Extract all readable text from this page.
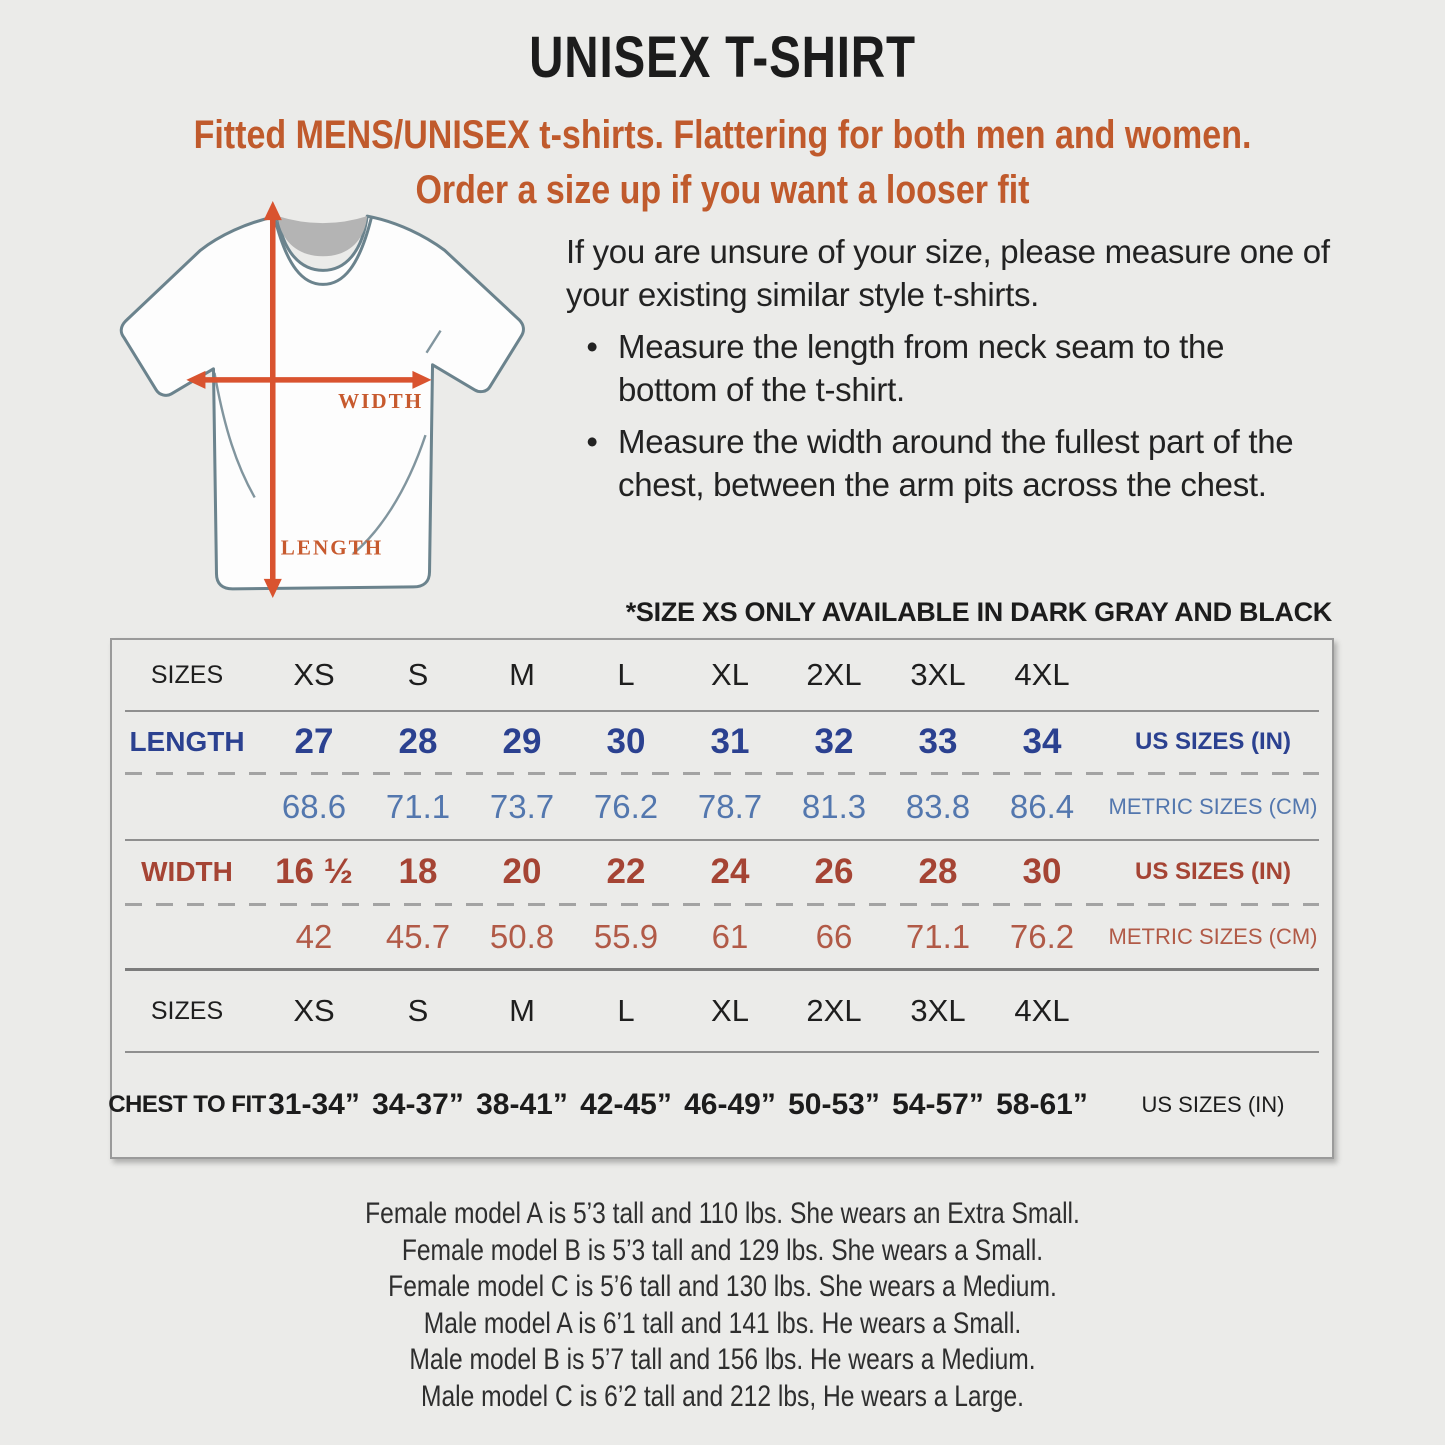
UNISEX T-SHIRT
Fitted MENS/UNISEX t-shirts. Flattering for both men and women.
Order a size up if you want a looser fit
WIDTH
LENGTH
If you are unsure of your size, please measure one of your existing similar style t-shirts.
•
Measure the length from neck seam to the bottom of the t-shirt.
•
Measure the width around the fullest part of the chest, between the arm pits across the chest.
*SIZE XS ONLY AVAILABLE IN DARK GRAY AND BLACK
SIZES	XS	S	M	L	XL	2XL	3XL	4XL
LENGTH	27	28	29	30	31	32	33	34	US SIZES (IN)
68.6	71.1	73.7	76.2	78.7	81.3	83.8	86.4	METRIC SIZES (CM)
WIDTH	16 ½	18	20	22	24	26	28	30	US SIZES (IN)
42	45.7	50.8	55.9	61	66	71.1	76.2	METRIC SIZES (CM)
SIZES	XS	S	M	L	XL	2XL	3XL	4XL
CHEST TO FIT 31-34” 34-37” 38-41” 42-45” 46-49” 50-53” 54-57” 58-61”	US SIZES (IN)
Female model A is 5’3 tall and 110 lbs. She wears an Extra Small.
Female model B is 5’3 tall and 129 lbs. She wears a Small.
Female model C is 5’6 tall and 130 lbs. She wears a Medium.
Male model A is 6’1 tall and 141 lbs. He wears a Small.
Male model B is 5’7 tall and 156 lbs. He wears a Medium.
Male model C is 6’2 tall and 212 lbs, He wears a Large.
